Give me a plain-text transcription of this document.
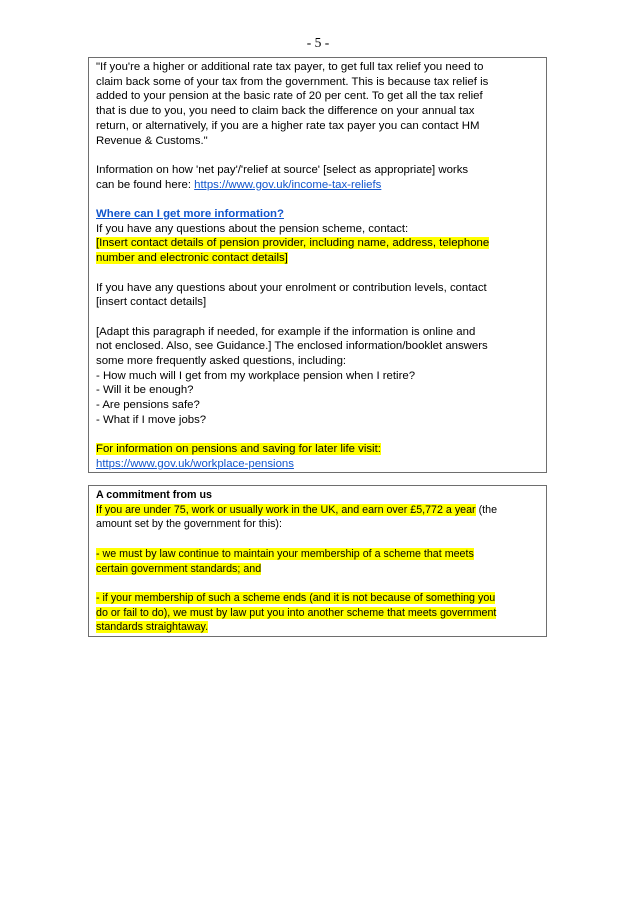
- 5 -
"If you're a higher or additional rate tax payer, to get full tax relief you need to
claim back some of your tax from the government. This is because tax relief is
added to your pension at the basic rate of 20 per cent. To get all the tax relief
that is due to you, you need to claim back the difference on your annual tax
return, or alternatively, if you are a higher rate tax payer you can contact HM
Revenue & Customs."
Information on how 'net pay'/'relief at source' [select as appropriate] works
can be found here: https://www.gov.uk/income-tax-reliefs
Where can I get more information?
If you have any questions about the pension scheme, contact:
[Insert contact details of pension provider, including name, address, telephone
number and electronic contact details]
If you have any questions about your enrolment or contribution levels, contact
[insert contact details]
[Adapt this paragraph if needed, for example if the information is online and
not enclosed. Also, see Guidance.] The enclosed information/booklet answers
some more frequently asked questions, including:
- How much will I get from my workplace pension when I retire?
- Will it be enough?
- Are pensions safe?
- What if I move jobs?
For information on pensions and saving for later life visit:
https://www.gov.uk/workplace-pensions
A commitment from us
If you are under 75, work or usually work in the UK, and earn over £5,772 a year (the
amount set by the government for this):
- we must by law continue to maintain your membership of a scheme that meets
certain government standards; and
- if your membership of such a scheme ends (and it is not because of something you
do or fail to do), we must by law put you into another scheme that meets government
standards straightaway.
